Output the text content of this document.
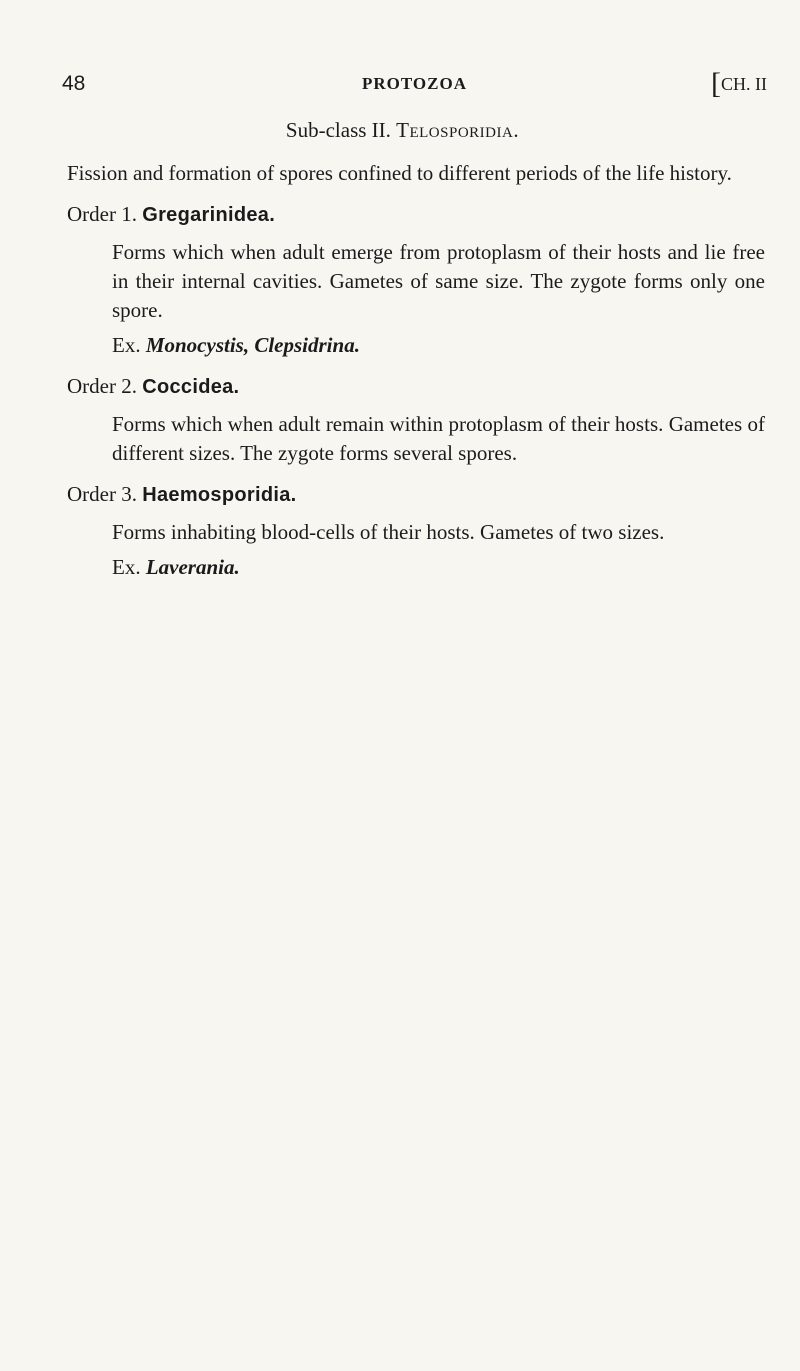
48	PROTOZOA	[CH. II
Sub-class II. Telosporidia.

Fission and formation of spores confined to different periods of the life history.

Order 1. Gregarinidea.

Forms which when adult emerge from protoplasm of their hosts and lie free in their internal cavities. Gametes of same size. The zygote forms only one spore.

Ex. Monocystis, Clepsidrina.
Order 2. Coccidea.

Forms which when adult remain within protoplasm of their hosts. Gametes of different sizes. The zygote forms several spores.

Order 3. Haemosporidia.

Forms inhabiting blood-cells of their hosts. Gametes of two sizes.

Ex. Laverania.
